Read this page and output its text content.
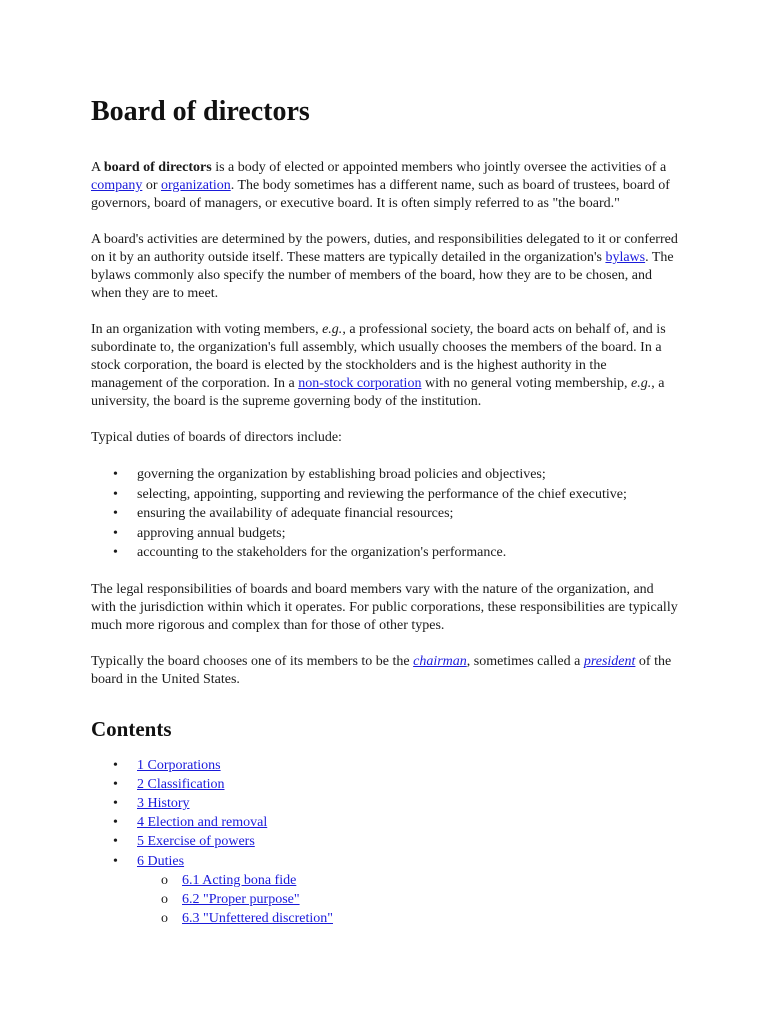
Board of directors

A board of directors is a body of elected or appointed members who jointly oversee the activities of a company or organization. The body sometimes has a different name, such as board of trustees, board of governors, board of managers, or executive board. It is often simply referred to as "the board."

A board's activities are determined by the powers, duties, and responsibilities delegated to it or conferred on it by an authority outside itself. These matters are typically detailed in the organization's bylaws. The bylaws commonly also specify the number of members of the board, how they are to be chosen, and when they are to meet.

In an organization with voting members, e.g., a professional society, the board acts on behalf of, and is subordinate to, the organization's full assembly, which usually chooses the members of the board. In a stock corporation, the board is elected by the stockholders and is the highest authority in the management of the corporation. In a non-stock corporation with no general voting membership, e.g., a university, the board is the supreme governing body of the institution.

Typical duties of boards of directors include:

• governing the organization by establishing broad policies and objectives;
• selecting, appointing, supporting and reviewing the performance of the chief executive;
• ensuring the availability of adequate financial resources;
• approving annual budgets;
• accounting to the stakeholders for the organization's performance.

The legal responsibilities of boards and board members vary with the nature of the organization, and with the jurisdiction within which it operates. For public corporations, these responsibilities are typically much more rigorous and complex than for those of other types.

Typically the board chooses one of its members to be the chairman, sometimes called a president of the board in the United States.

Contents
• 1 Corporations
• 2 Classification
• 3 History
• 4 Election and removal
• 5 Exercise of powers
• 6 Duties
o 6.1 Acting bona fide
o 6.2 "Proper purpose"
o 6.3 "Unfettered discretion"
